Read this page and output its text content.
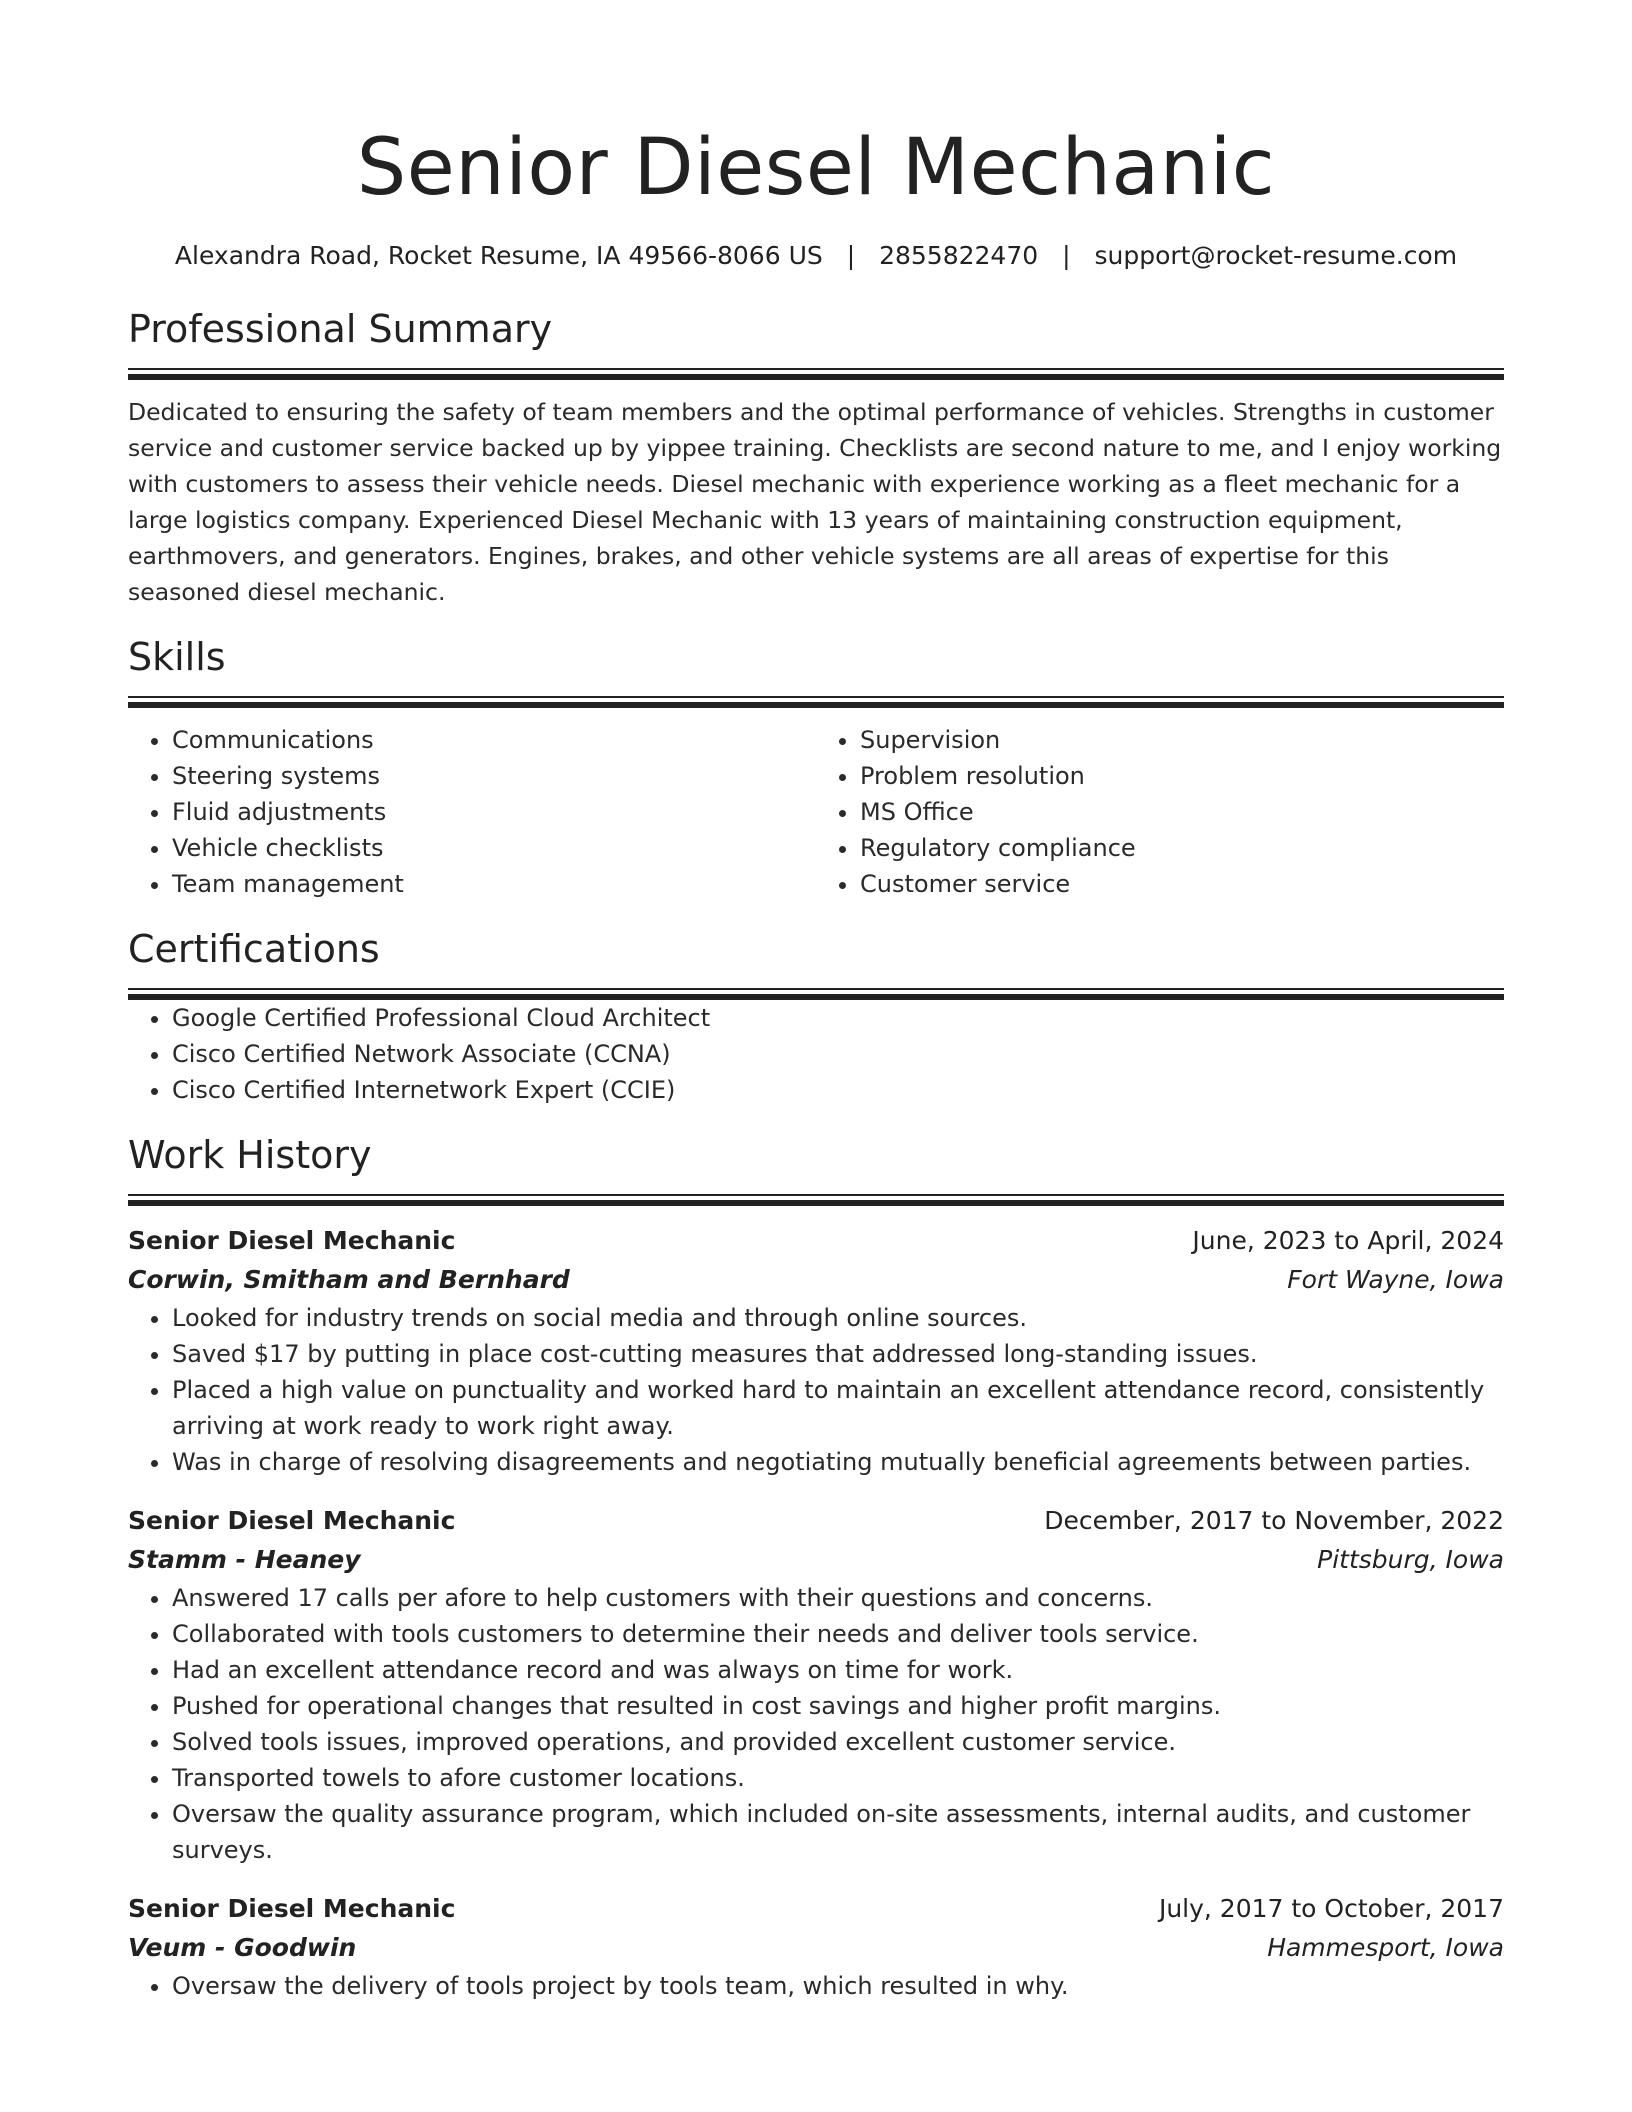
Senior Diesel Mechanic
Alexandra Road, Rocket Resume, IA 49566-8066 US | 2855822470 | support@rocket-resume.com
Professional Summary

Dedicated to ensuring the safety of team members and the optimal performance of vehicles. Strengths in customer service and customer service backed up by yippee training. Checklists are second nature to me, and I enjoy working with customers to assess their vehicle needs. Diesel mechanic with experience working as a fleet mechanic for a large logistics company. Experienced Diesel Mechanic with 13 years of maintaining construction equipment, earthmovers, and generators. Engines, brakes, and other vehicle systems are all areas of expertise for this seasoned diesel mechanic.

Skills
• Communications
• Steering systems
• Fluid adjustments
• Vehicle checklists
• Team management
• Supervision
• Problem resolution
• MS Office
• Regulatory compliance
• Customer service
Certifications
• Google Certified Professional Cloud Architect
• Cisco Certified Network Associate (CCNA)
• Cisco Certified Internetwork Expert (CCIE)
Work History
Senior Diesel Mechanic	June, 2023 to April, 2024
Corwin, Smitham and Bernhard	Fort Wayne, Iowa
• Looked for industry trends on social media and through online sources.
• Saved $17 by putting in place cost-cutting measures that addressed long-standing issues.
• Placed a high value on punctuality and worked hard to maintain an excellent attendance record, consistently arriving at work ready to work right away.
• Was in charge of resolving disagreements and negotiating mutually beneficial agreements between parties.
Senior Diesel Mechanic	December, 2017 to November, 2022
Stamm - Heaney	Pittsburg, Iowa
• Answered 17 calls per afore to help customers with their questions and concerns.
• Collaborated with tools customers to determine their needs and deliver tools service.
• Had an excellent attendance record and was always on time for work.
• Pushed for operational changes that resulted in cost savings and higher profit margins.
• Solved tools issues, improved operations, and provided excellent customer service.
• Transported towels to afore customer locations.
• Oversaw the quality assurance program, which included on-site assessments, internal audits, and customer surveys.
Senior Diesel Mechanic	July, 2017 to October, 2017
Veum - Goodwin	Hammesport, Iowa
• Oversaw the delivery of tools project by tools team, which resulted in why.
